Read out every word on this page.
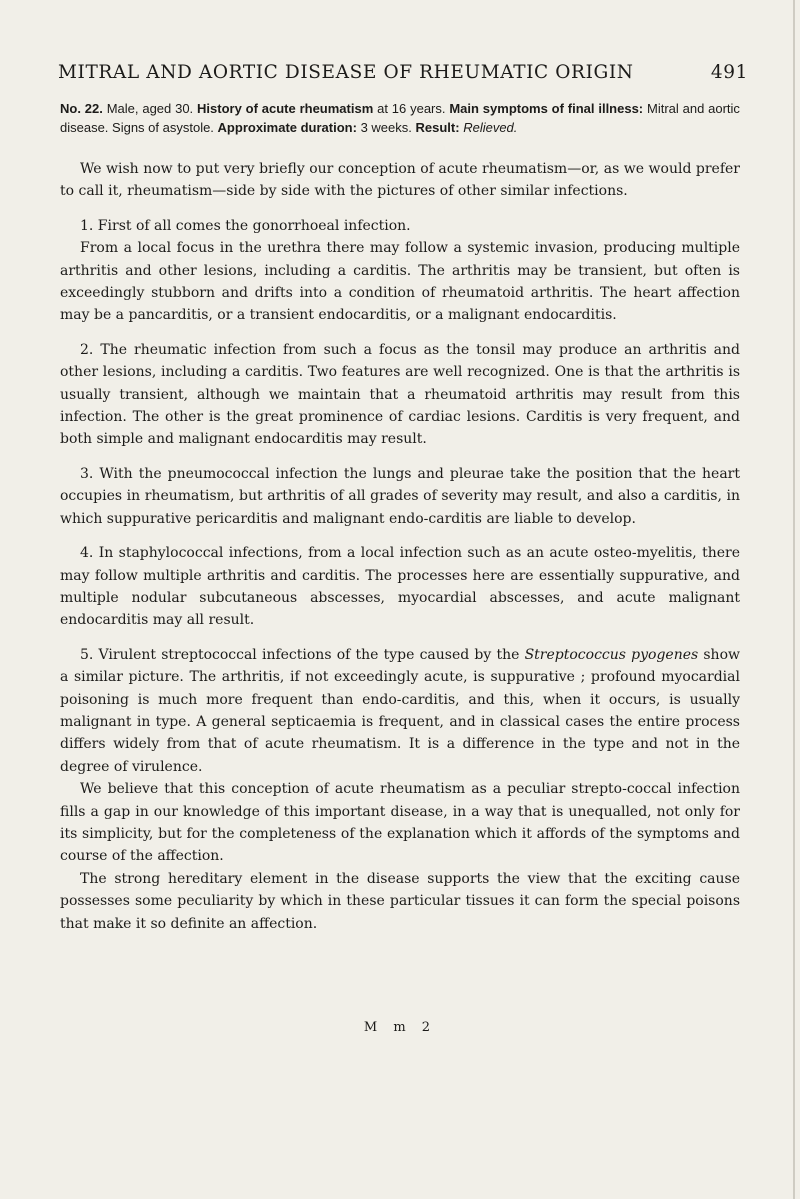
MITRAL AND AORTIC DISEASE OF RHEUMATIC ORIGIN	491
No. 22. Male, aged 30. History of acute rheumatism at 16 years. Main symptoms of final illness: Mitral and aortic disease. Signs of asystole. Approximate duration: 3 weeks. Result: Relieved.

We wish now to put very briefly our conception of acute rheumatism—or, as we would prefer to call it, rheumatism—side by side with the pictures of other similar infections.

1. First of all comes the gonorrhoeal infection.

From a local focus in the urethra there may follow a systemic invasion, producing multiple arthritis and other lesions, including a carditis. The arthritis may be transient, but often is exceedingly stubborn and drifts into a condition of rheumatoid arthritis. The heart affection may be a pancarditis, or a transient endocarditis, or a malignant endocarditis.

2. The rheumatic infection from such a focus as the tonsil may produce an arthritis and other lesions, including a carditis. Two features are well recognized. One is that the arthritis is usually transient, although we maintain that a rheumatoid arthritis may result from this infection. The other is the great prominence of cardiac lesions. Carditis is very frequent, and both simple and malignant endocarditis may result.

3. With the pneumococcal infection the lungs and pleurae take the position that the heart occupies in rheumatism, but arthritis of all grades of severity may result, and also a carditis, in which suppurative pericarditis and malignant endo-carditis are liable to develop.

4. In staphylococcal infections, from a local infection such as an acute osteo-myelitis, there may follow multiple arthritis and carditis. The processes here are essentially suppurative, and multiple nodular subcutaneous abscesses, myocardial abscesses, and acute malignant endocarditis may all result.

5. Virulent streptococcal infections of the type caused by the Streptococcus pyogenes show a similar picture. The arthritis, if not exceedingly acute, is suppurative ; profound myocardial poisoning is much more frequent than endo-carditis, and this, when it occurs, is usually malignant in type. A general septicaemia is frequent, and in classical cases the entire process differs widely from that of acute rheumatism. It is a difference in the type and not in the degree of virulence.

We believe that this conception of acute rheumatism as a peculiar strepto-coccal infection fills a gap in our knowledge of this important disease, in a way that is unequalled, not only for its simplicity, but for the completeness of the explanation which it affords of the symptoms and course of the affection.

The strong hereditary element in the disease supports the view that the exciting cause possesses some peculiarity by which in these particular tissues it can form the special poisons that make it so definite an affection.

M m 2
